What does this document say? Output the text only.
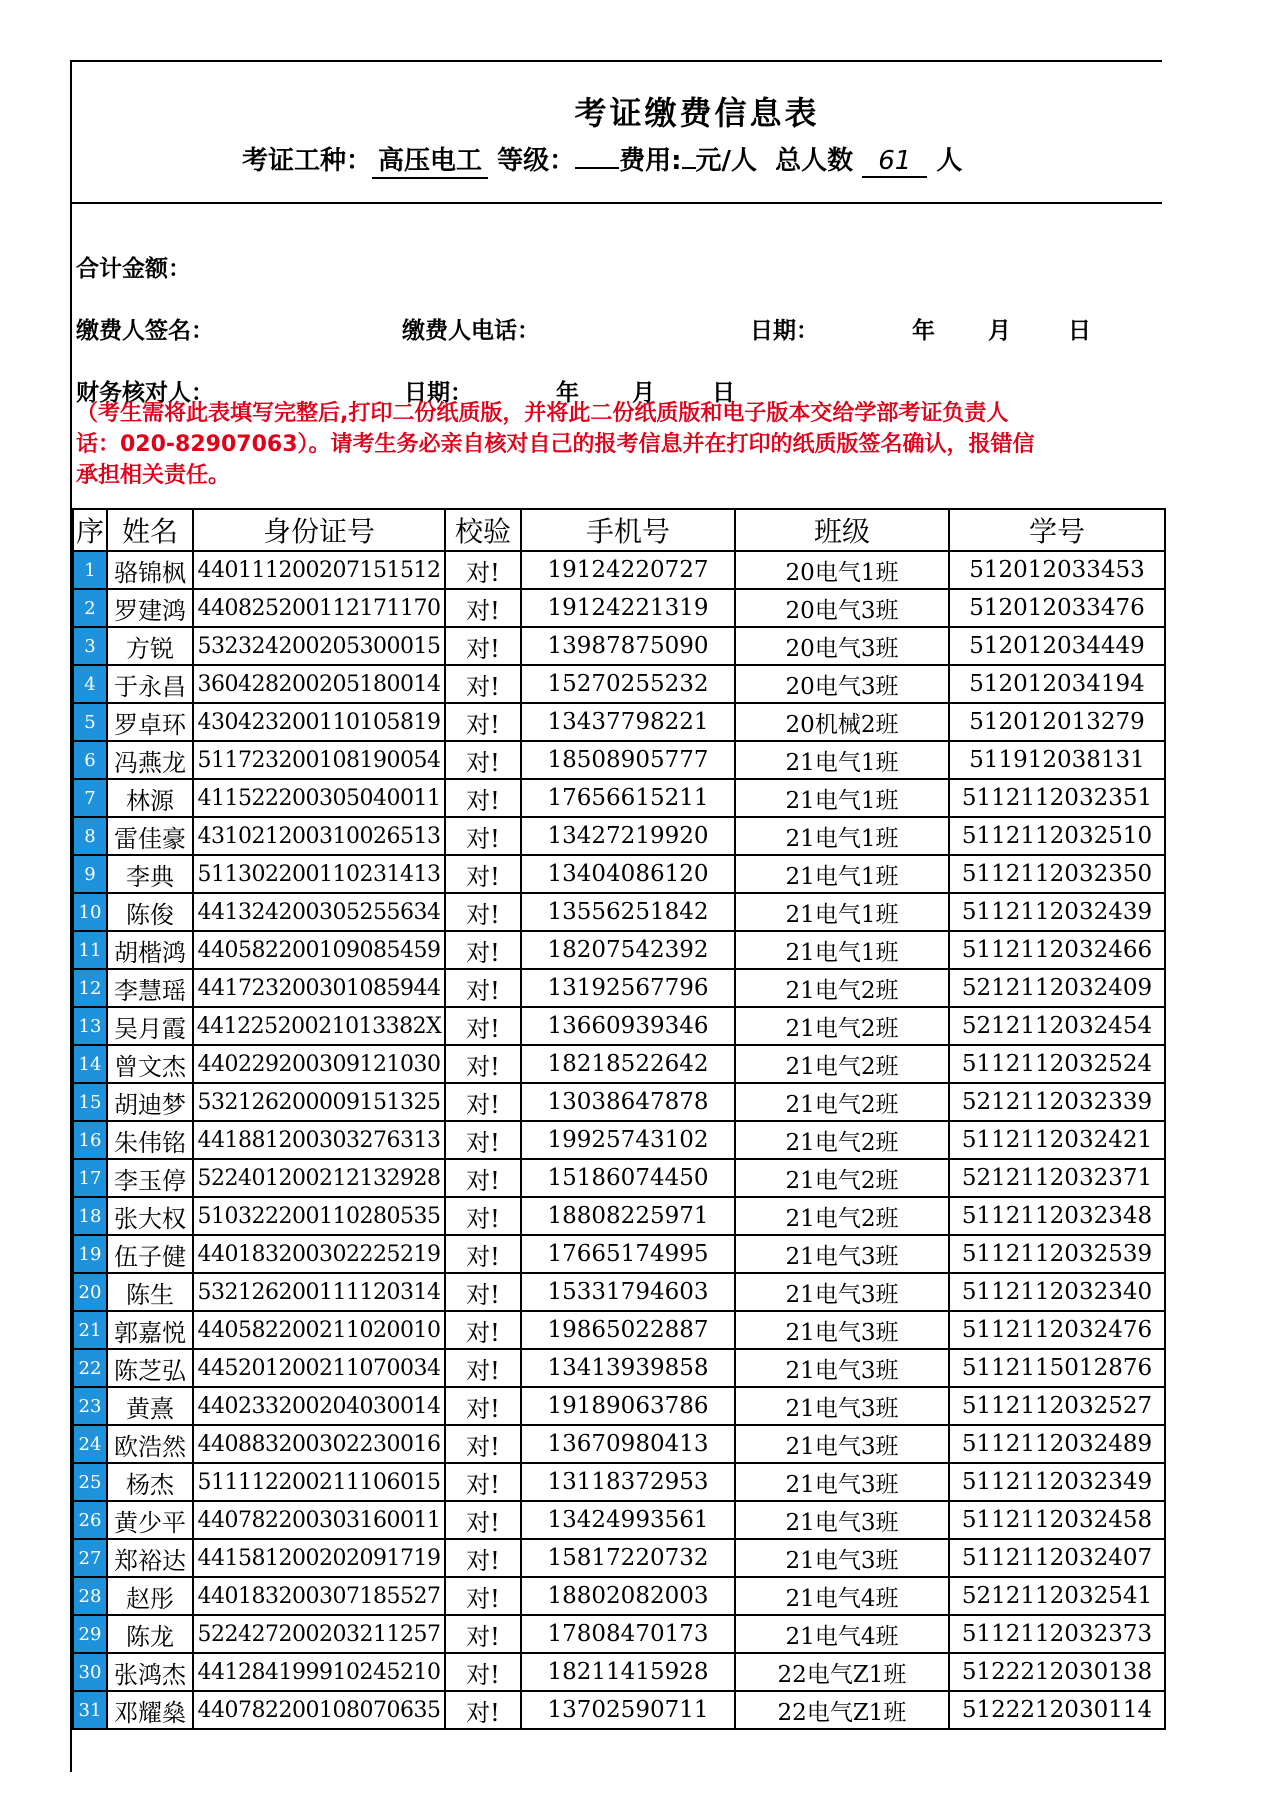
考证缴费信息表
考证工种： 高压电工 等级： 费用: 元/人 总人数 61 人
合计金额：
缴费人签名：	缴费人电话：	日期：	年 月 日
财务核对人：	日期：	年 月 日
（考生需将此表填写完整后,打印二份纸质版，并将此二份纸质版和电子版本交给学部考证负责人
话：020-82907063）。请考生务必亲自核对自己的报考信息并在打印的纸质版签名确认，报错信
承担相关责任。
序	姓名	身份证号	校验	手机号	班级	学号
1	骆锦枫	440111200207151512	对!	19124220727	20电气1班	512012033453
2	罗建鸿	440825200112171170	对!	19124221319	20电气3班	512012033476
3	方锐	532324200205300015	对!	13987875090	20电气3班	512012034449
4	于永昌	360428200205180014	对!	15270255232	20电气3班	512012034194
5	罗卓环	430423200110105819	对!	13437798221	20机械2班	512012013279
6	冯燕龙	511723200108190054	对!	18508905777	21电气1班	511912038131
7	林源	411522200305040011	对!	17656615211	21电气1班	5112112032351
8	雷佳豪	431021200310026513	对!	13427219920	21电气1班	5112112032510
9	李典	511302200110231413	对!	13404086120	21电气1班	5112112032350
10	陈俊	441324200305255634	对!	13556251842	21电气1班	5112112032439
11	胡楷鸿	440582200109085459	对!	18207542392	21电气1班	5112112032466
12	李慧瑶	441723200301085944	对!	13192567796	21电气2班	5212112032409
13	吴月霞	44122520021013382X	对!	13660939346	21电气2班	5212112032454
14	曾文杰	440229200309121030	对!	18218522642	21电气2班	5112112032524
15	胡迪梦	532126200009151325	对!	13038647878	21电气2班	5212112032339
16	朱伟铭	441881200303276313	对!	19925743102	21电气2班	5112112032421
17	李玉停	522401200212132928	对!	15186074450	21电气2班	5212112032371
18	张大权	510322200110280535	对!	18808225971	21电气2班	5112112032348
19	伍子健	440183200302225219	对!	17665174995	21电气3班	5112112032539
20	陈生	532126200111120314	对!	15331794603	21电气3班	5112112032340
21	郭嘉悦	440582200211020010	对!	19865022887	21电气3班	5112112032476
22	陈芝弘	445201200211070034	对!	13413939858	21电气3班	5112115012876
23	黄熹	440233200204030014	对!	19189063786	21电气3班	5112112032527
24	欧浩然	440883200302230016	对!	13670980413	21电气3班	5112112032489
25	杨杰	511112200211106015	对!	13118372953	21电气3班	5112112032349
26	黄少平	440782200303160011	对!	13424993561	21电气3班	5112112032458
27	郑裕达	441581200202091719	对!	15817220732	21电气3班	5112112032407
28	赵彤	440183200307185527	对!	18802082003	21电气4班	5212112032541
29	陈龙	522427200203211257	对!	17808470173	21电气4班	5112112032373
30	张鸿杰	441284199910245210	对!	18211415928	22电气Z1班	5122212030138
31	邓耀燊	440782200108070635	对!	13702590711	22电气Z1班	5122212030114
